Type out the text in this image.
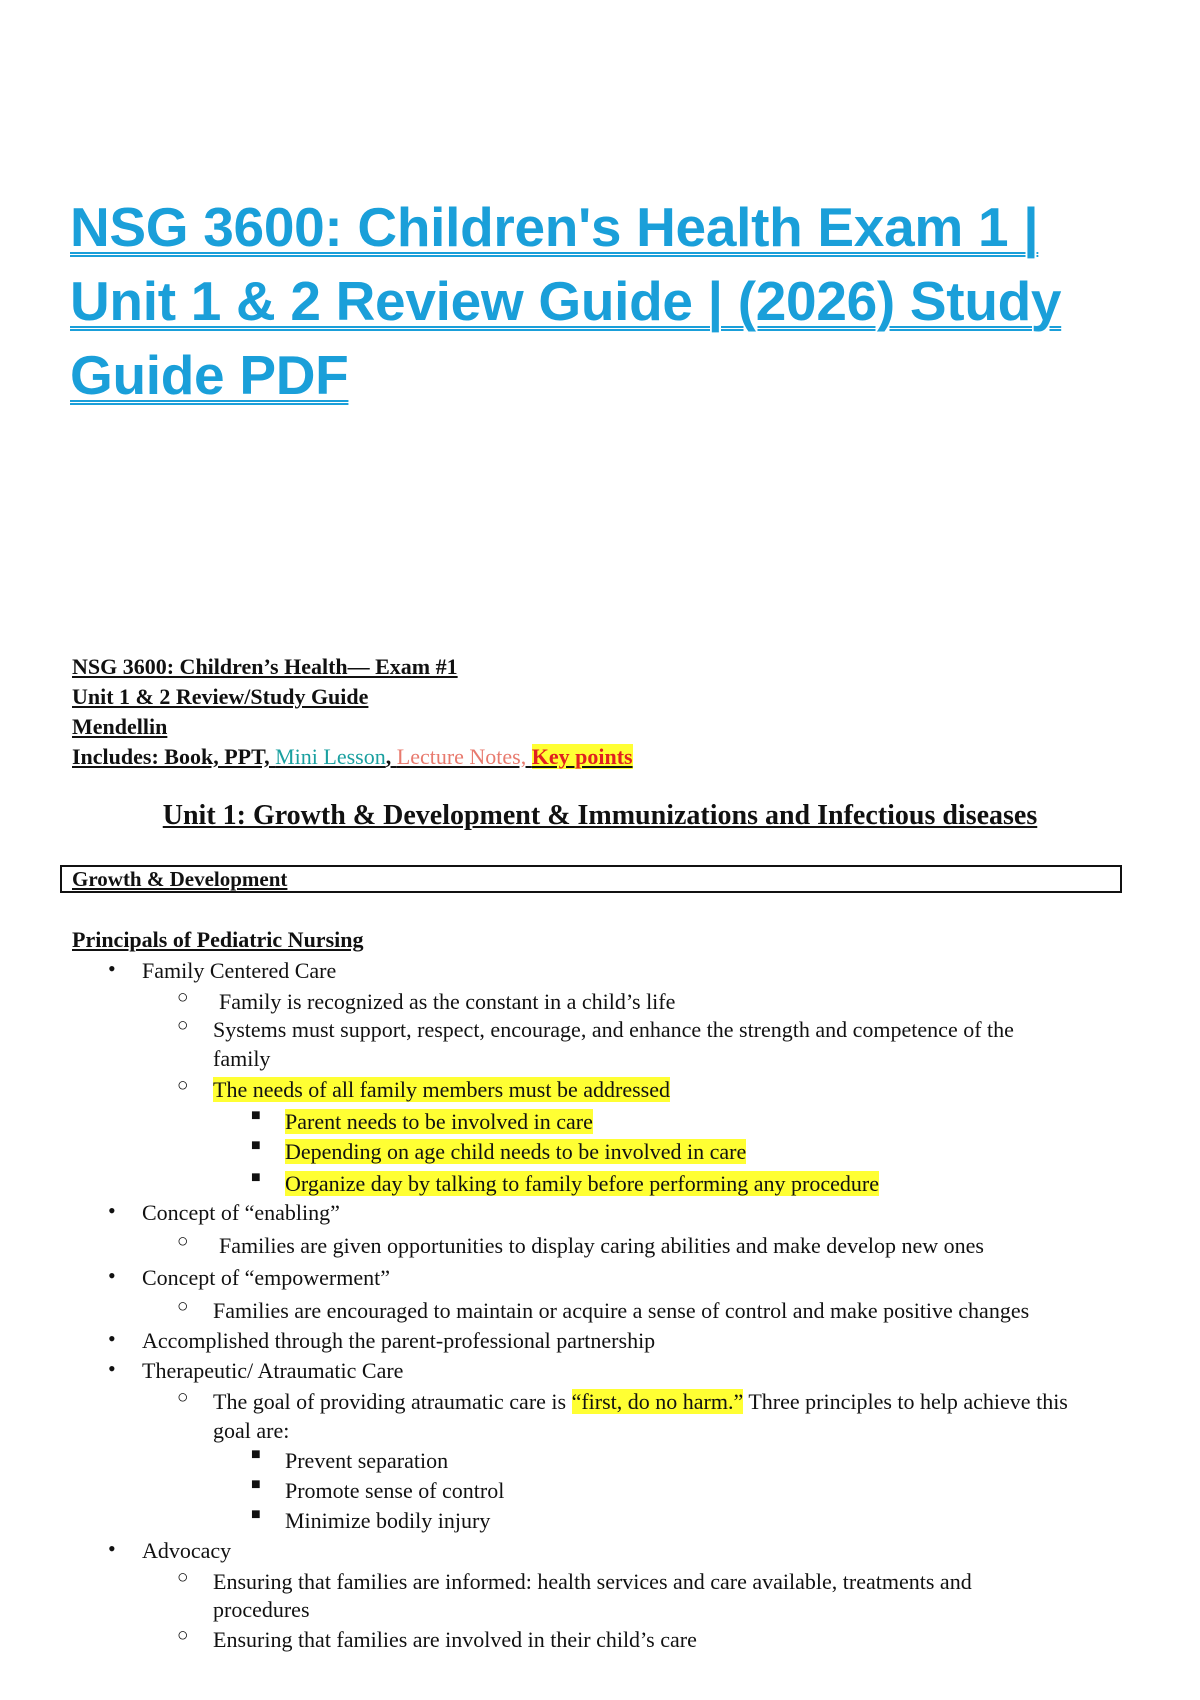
NSG 3600: Children's Health Exam 1 | Unit 1 & 2 Review Guide | (2026) Study Guide PDF
NSG 3600: Children’s Health— Exam #1
Unit 1 & 2 Review/Study Guide
Mendellin
Includes: Book, PPT, Mini Lesson, Lecture Notes, Key points
Unit 1: Growth & Development & Immunizations and Infectious diseases
Growth & Development
Principals of Pediatric Nursing
• Family Centered Care
○ Family is recognized as the constant in a child’s life
○ Systems must support, respect, encourage, and enhance the strength and competence of the
family
○ The needs of all family members must be addressed
■ Parent needs to be involved in care
■ Depending on age child needs to be involved in care
■ Organize day by talking to family before performing any procedure
• Concept of “enabling”
○ Families are given opportunities to display caring abilities and make develop new ones
• Concept of “empowerment”
○ Families are encouraged to maintain or acquire a sense of control and make positive changes
• Accomplished through the parent-professional partnership
• Therapeutic/ Atraumatic Care
○ The goal of providing atraumatic care is “first, do no harm.” Three principles to help achieve this
goal are:
■ Prevent separation
■ Promote sense of control
■ Minimize bodily injury
• Advocacy
○ Ensuring that families are informed: health services and care available, treatments and
procedures
○ Ensuring that families are involved in their child’s care
